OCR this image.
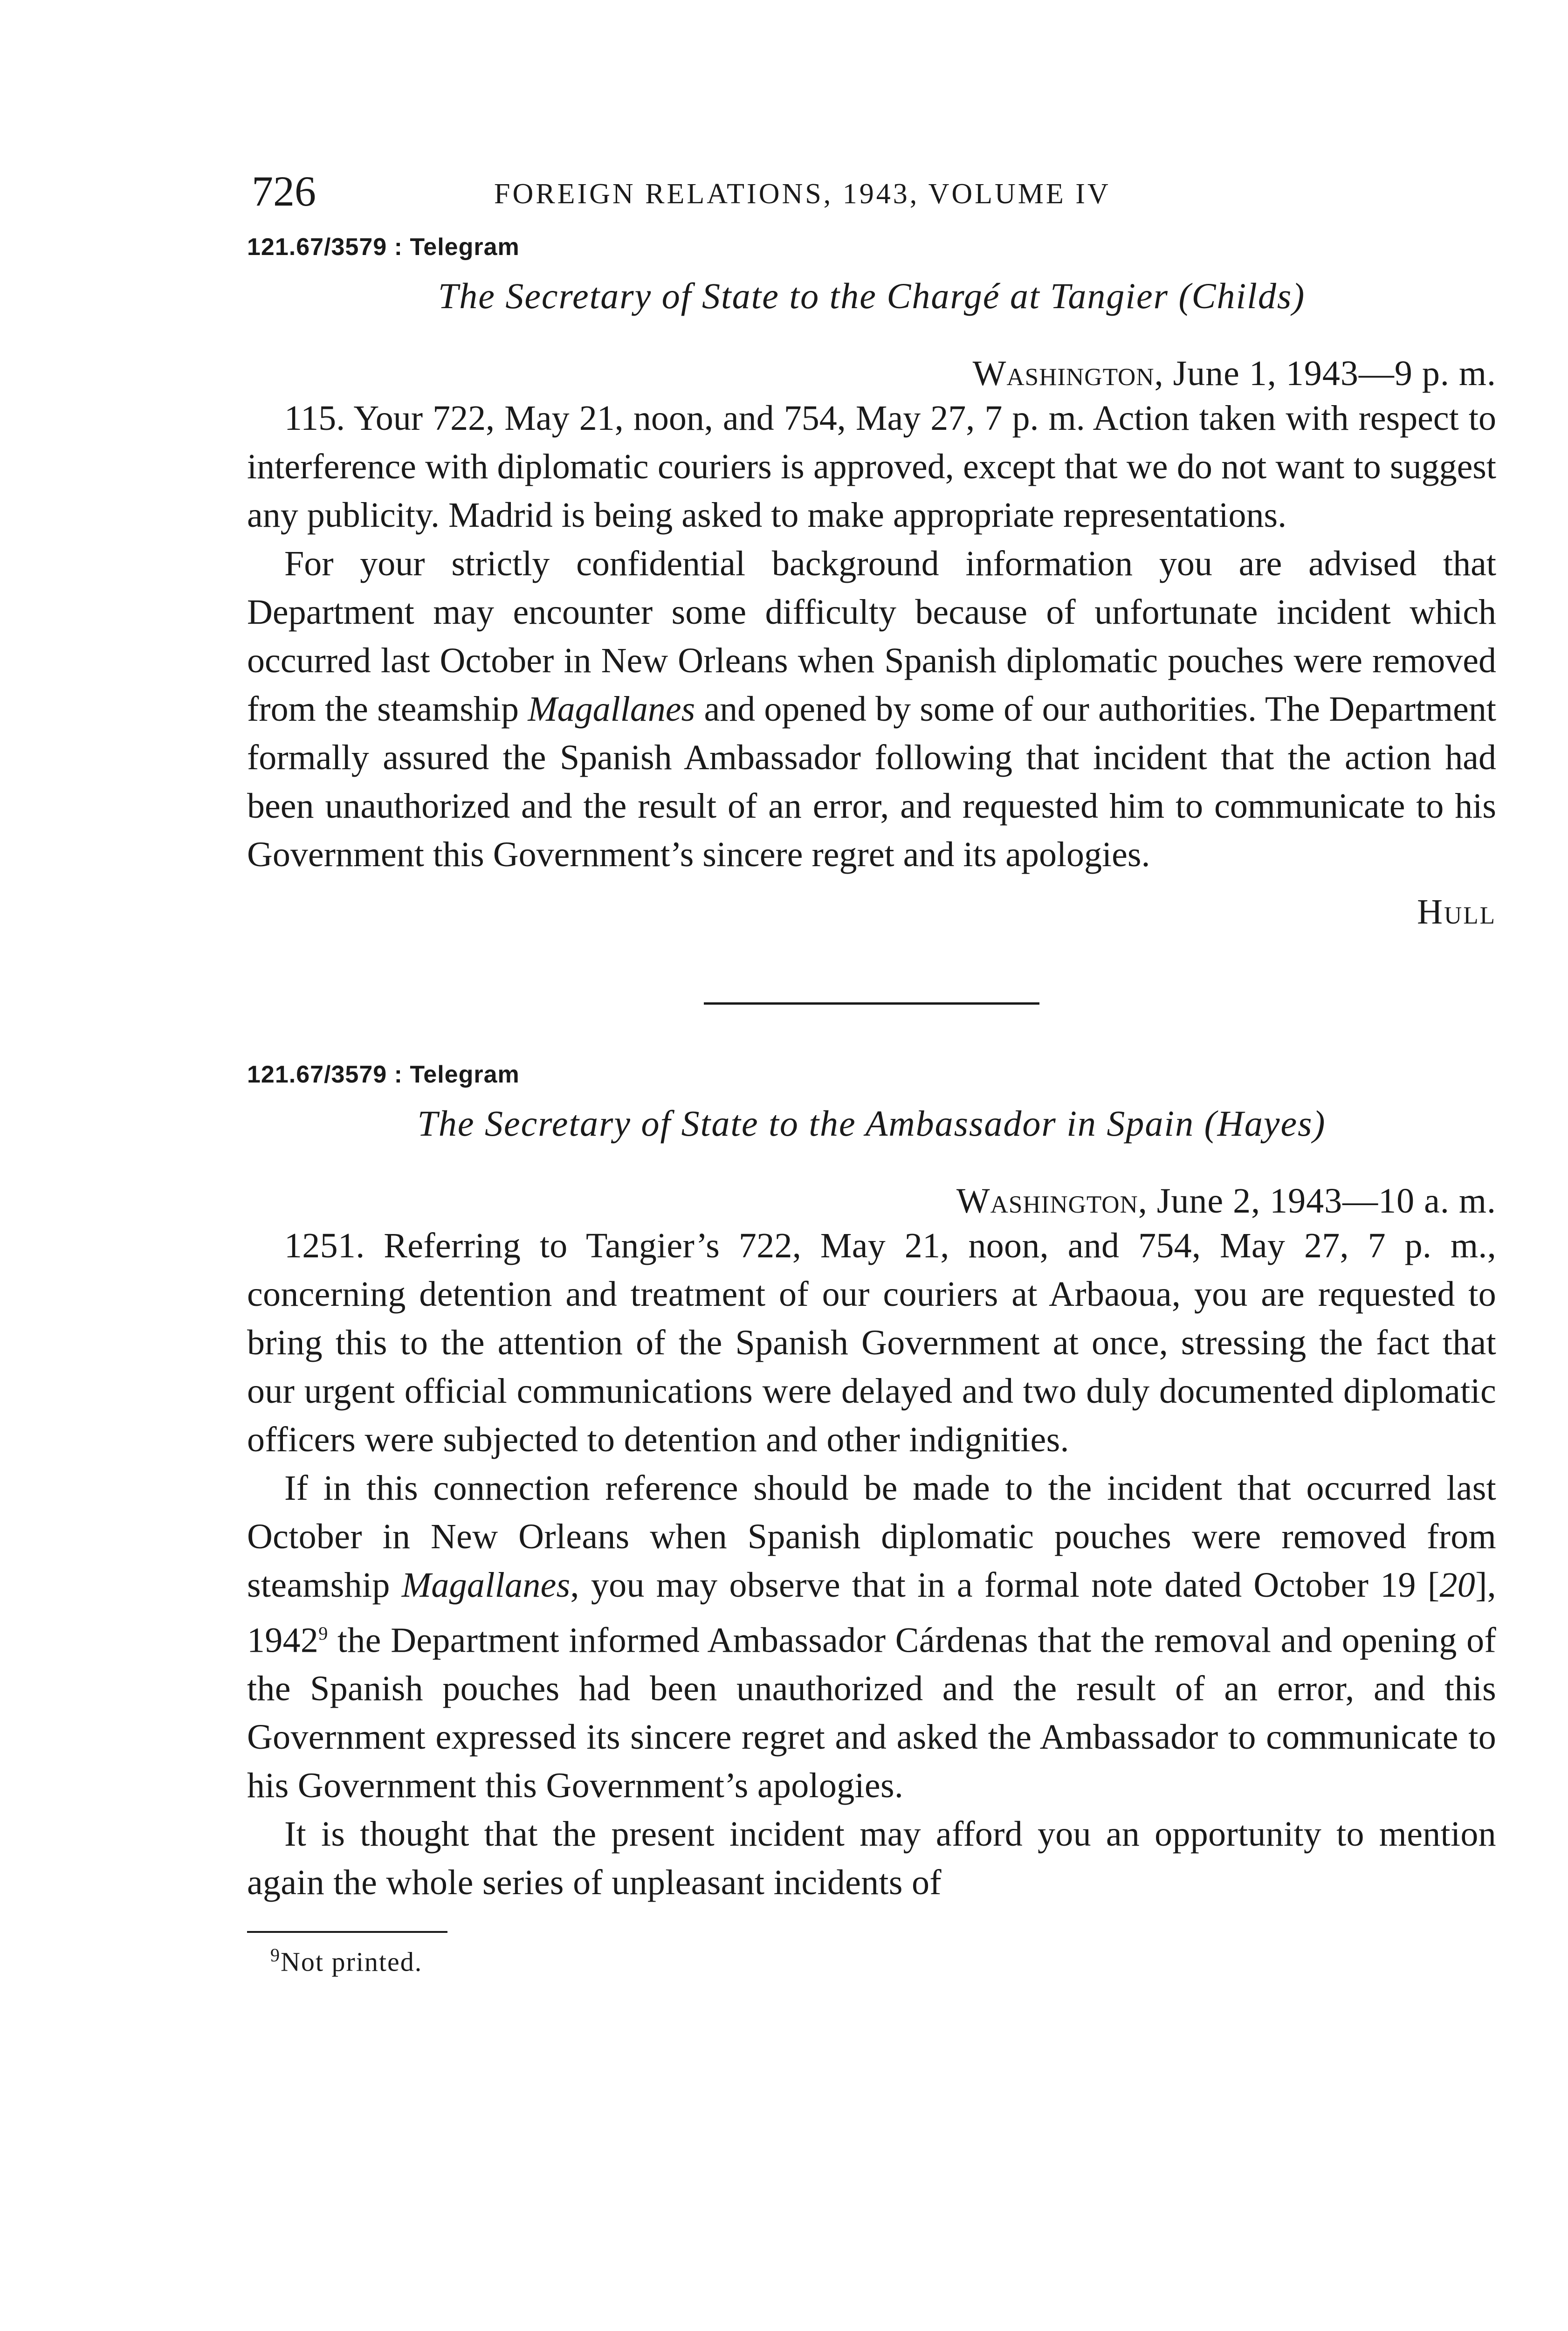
726	FOREIGN RELATIONS, 1943, VOLUME IV
121.67/3579 : Telegram
The Secretary of State to the Chargé at Tangier (Childs)
Washington, June 1, 1943—9 p. m.

115. Your 722, May 21, noon, and 754, May 27, 7 p. m. Action taken with respect to interference with diplomatic couriers is approved, except that we do not want to suggest any publicity. Madrid is being asked to make appropriate representations.

For your strictly confidential background information you are advised that Department may encounter some difficulty because of unfortunate incident which occurred last October in New Orleans when Spanish diplomatic pouches were removed from the steamship Magallanes and opened by some of our authorities. The Department formally assured the Spanish Ambassador following that incident that the action had been unauthorized and the result of an error, and requested him to communicate to his Government this Government’s sincere regret and its apologies.

Hull
121.67/3579 : Telegram
The Secretary of State to the Ambassador in Spain (Hayes)
Washington, June 2, 1943—10 a. m.

1251. Referring to Tangier’s 722, May 21, noon, and 754, May 27, 7 p. m., concerning detention and treatment of our couriers at Arbaoua, you are requested to bring this to the attention of the Spanish Government at once, stressing the fact that our urgent official communications were delayed and two duly documented diplomatic officers were subjected to detention and other indignities.

If in this connection reference should be made to the incident that occurred last October in New Orleans when Spanish diplomatic pouches were removed from steamship Magallanes, you may observe that in a formal note dated October 19 [20], 1942$^9$ the Department informed Ambassador Cárdenas that the removal and opening of the Spanish pouches had been unauthorized and the result of an error, and this Government expressed its sincere regret and asked the Ambassador to communicate to his Government this Government’s apologies.

It is thought that the present incident may afford you an opportunity to mention again the whole series of unpleasant incidents of

$^9$Not printed.
